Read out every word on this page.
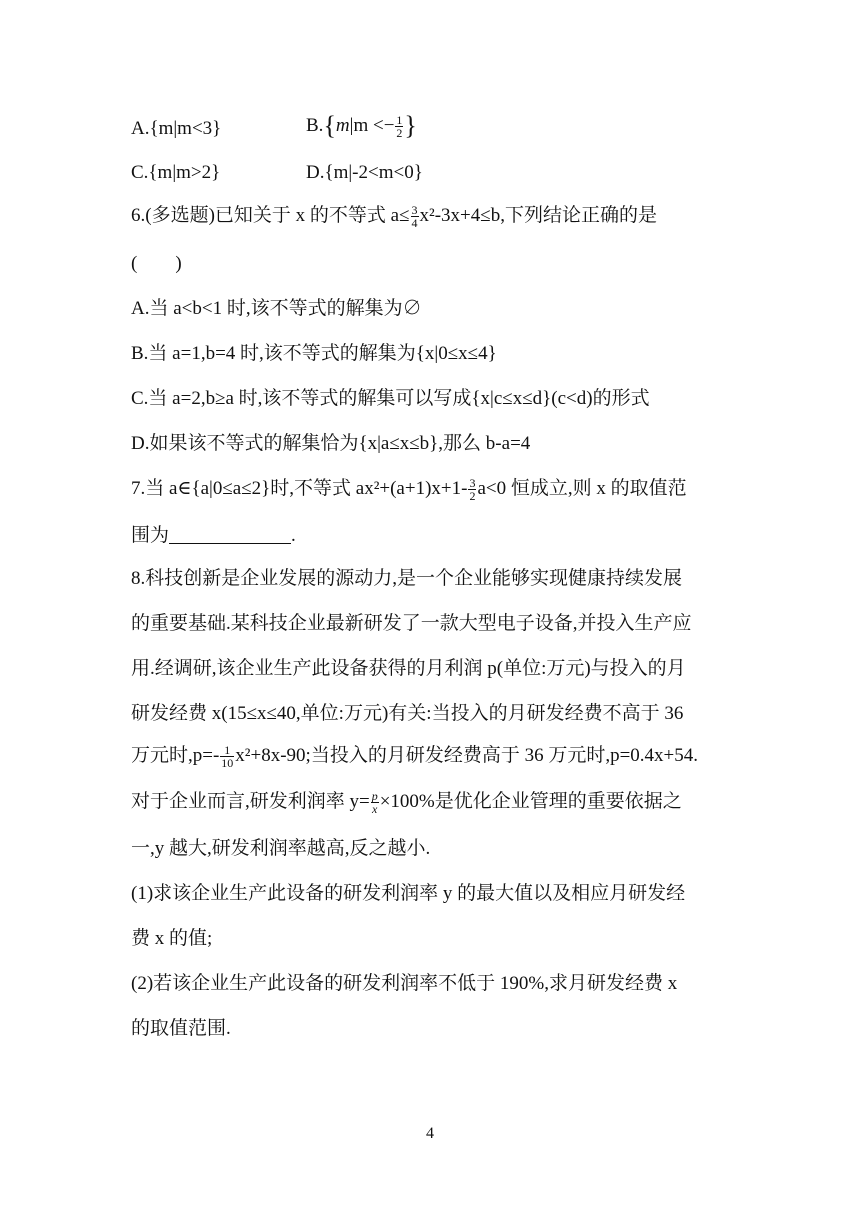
A.{m|m<3}	$B.\{m|m <- \frac{1}{2}$ }
C.{m|m>2}	D.{m|-2<m<0}
6.(多选题)已知关于 x 的不等式 $a\le \frac{3}{4} x^2-3x+4\le b$,下列结论正确的是
( )
A.当 a<b<1 时,该不等式的解集为∅
B.当 a=1,b=4 时,该不等式的解集为{x|0≤x≤4}
C.当 a=2,b≥a 时,该不等式的解集可以写成{x|c≤x≤d}(c<d)的形式
D.如果该不等式的解集恰为{x|a≤x≤b},那么 b-a=4
7.当 a∈{a|0≤a≤2}时,不等式 $ax^2+(a+1)x+1- \frac{3}{2} a<0$ 恒成立,则 x 的取值范
围为	.
8.科技创新是企业发展的源动力,是一个企业能够实现健康持续发展
的重要基础.某科技企业最新研发了一款大型电子设备,并投入生产应
用.经调研,该企业生产此设备获得的月利润 p(单位:万元)与投入的月
研发经费 x(15≤x≤40,单位:万元)有关:当投入的月研发经费不高于 36
万元时$,p=- \frac{1}{10} x^2+8x-90$;当投入的月研发经费高于 36 万元时,p=0.4x+54.
对于企业而言,研发利润率 $y= \frac{p}{x} \times 100\%$是优化企业管理的重要依据之
一,y 越大,研发利润率越高,反之越小.
(1)求该企业生产此设备的研发利润率 y 的最大值以及相应月研发经
费 x 的值;
(2)若该企业生产此设备的研发利润率不低于 190%,求月研发经费 x
的取值范围.
4
